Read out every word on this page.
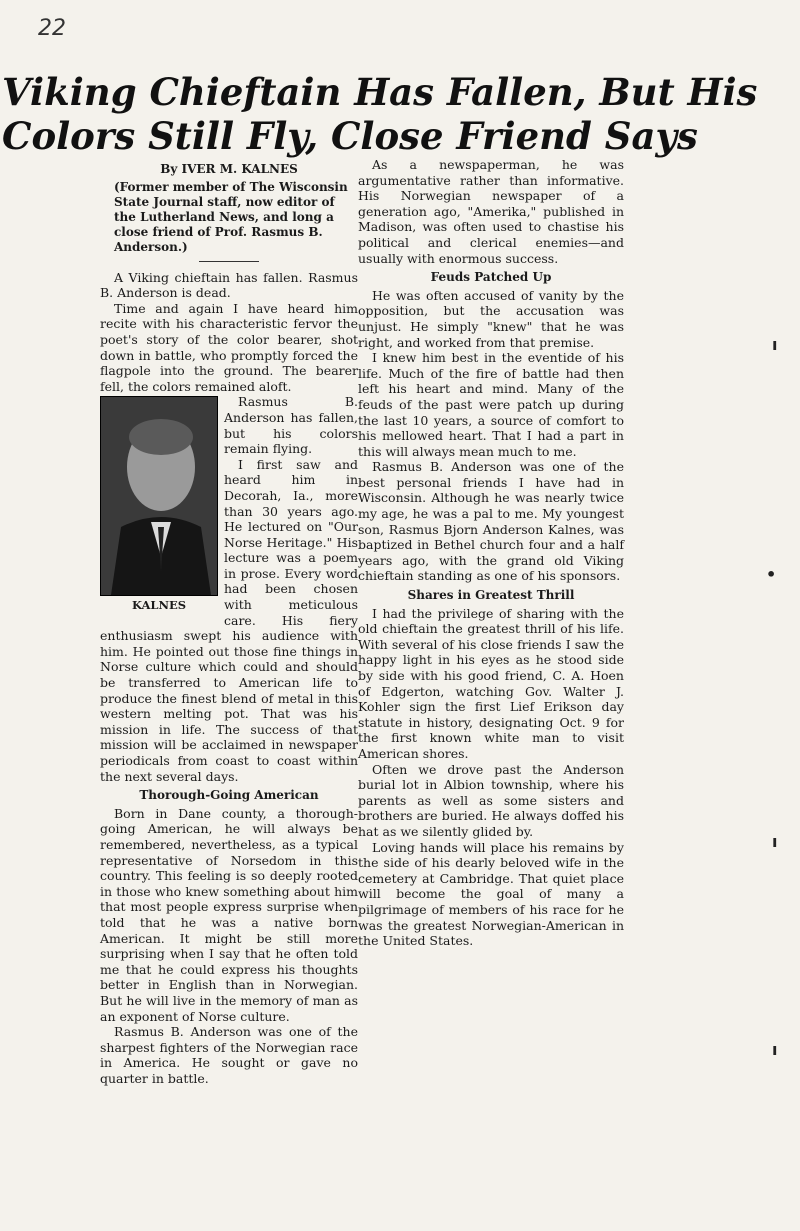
22
Viking Chieftain Has Fallen, But His
Colors Still Fly, Close Friend Says
By IVER M. KALNES
(Former member of The Wisconsin State Journal staff, now editor of the Lutherland News, and long a close friend of Prof. Rasmus B. Anderson.)

A Viking chieftain has fallen. Rasmus B. Anderson is dead.

Time and again I have heard him recite with his characteristic fervor the poet's story of the color bearer, shot down in battle, who promptly forced the flagpole into the ground. The bearer fell, the colors remained aloft.

KALNES

Rasmus B. Anderson has fallen, but his colors remain flying.

I first saw and heard him in Decorah, Ia., more than 30 years ago. He lectured on "Our Norse Heritage." His lecture was a poem in prose. Every word had been chosen with meticulous care. His fiery enthusiasm swept his audience with him. He pointed out those fine things in Norse culture which could and should be transferred to American life to produce the finest blend of metal in this western melting pot. That was his mission in life. The success of that mission will be acclaimed in newspaper periodicals from coast to coast within the next several days.

Thorough-Going American

Born in Dane county, a thorough-going American, he will always be remembered, nevertheless, as a typical representative of Norsedom in this country. This feeling is so deeply rooted in those who knew something about him that most people express surprise when told that he was a native born American. It might be still more surprising when I say that he often told me that he could express his thoughts better in English than in Norwegian. But he will live in the memory of man as an exponent of Norse culture.

Rasmus B. Anderson was one of the sharpest fighters of the Norwegian race in America. He sought or gave no quarter in battle.

As a newspaperman, he was argumentative rather than informative. His Norwegian newspaper of a generation ago, "Amerika," published in Madison, was often used to chastise his political and clerical enemies—and usually with enormous success.

Feuds Patched Up

He was often accused of vanity by the opposition, but the accusation was unjust. He simply "knew" that he was right, and worked from that premise.

I knew him best in the eventide of his life. Much of the fire of battle had then left his heart and mind. Many of the feuds of the past were patch up during the last 10 years, a source of comfort to his mellowed heart. That I had a part in this will always mean much to me.

Rasmus B. Anderson was one of the best personal friends I have had in Wisconsin. Although he was nearly twice my age, he was a pal to me. My youngest son, Rasmus Bjorn Anderson Kalnes, was baptized in Bethel church four and a half years ago, with the grand old Viking chieftain standing as one of his sponsors.

Shares in Greatest Thrill

I had the privilege of sharing with the old chieftain the greatest thrill of his life. With several of his close friends I saw the happy light in his eyes as he stood side by side with his good friend, C. A. Hoen of Edgerton, watching Gov. Walter J. Kohler sign the first Lief Erikson day statute in history, designating Oct. 9 for the first known white man to visit American shores.

Often we drove past the Anderson burial lot in Albion township, where his parents as well as some sisters and brothers are buried. He always doffed his hat as we silently glided by.

Loving hands will place his remains by the side of his dearly beloved wife in the cemetery at Cambridge. That quiet place will become the goal of many a pilgrimage of members of his race for he was the greatest Norwegian-American in the United States.

ı
•
ı
ı
